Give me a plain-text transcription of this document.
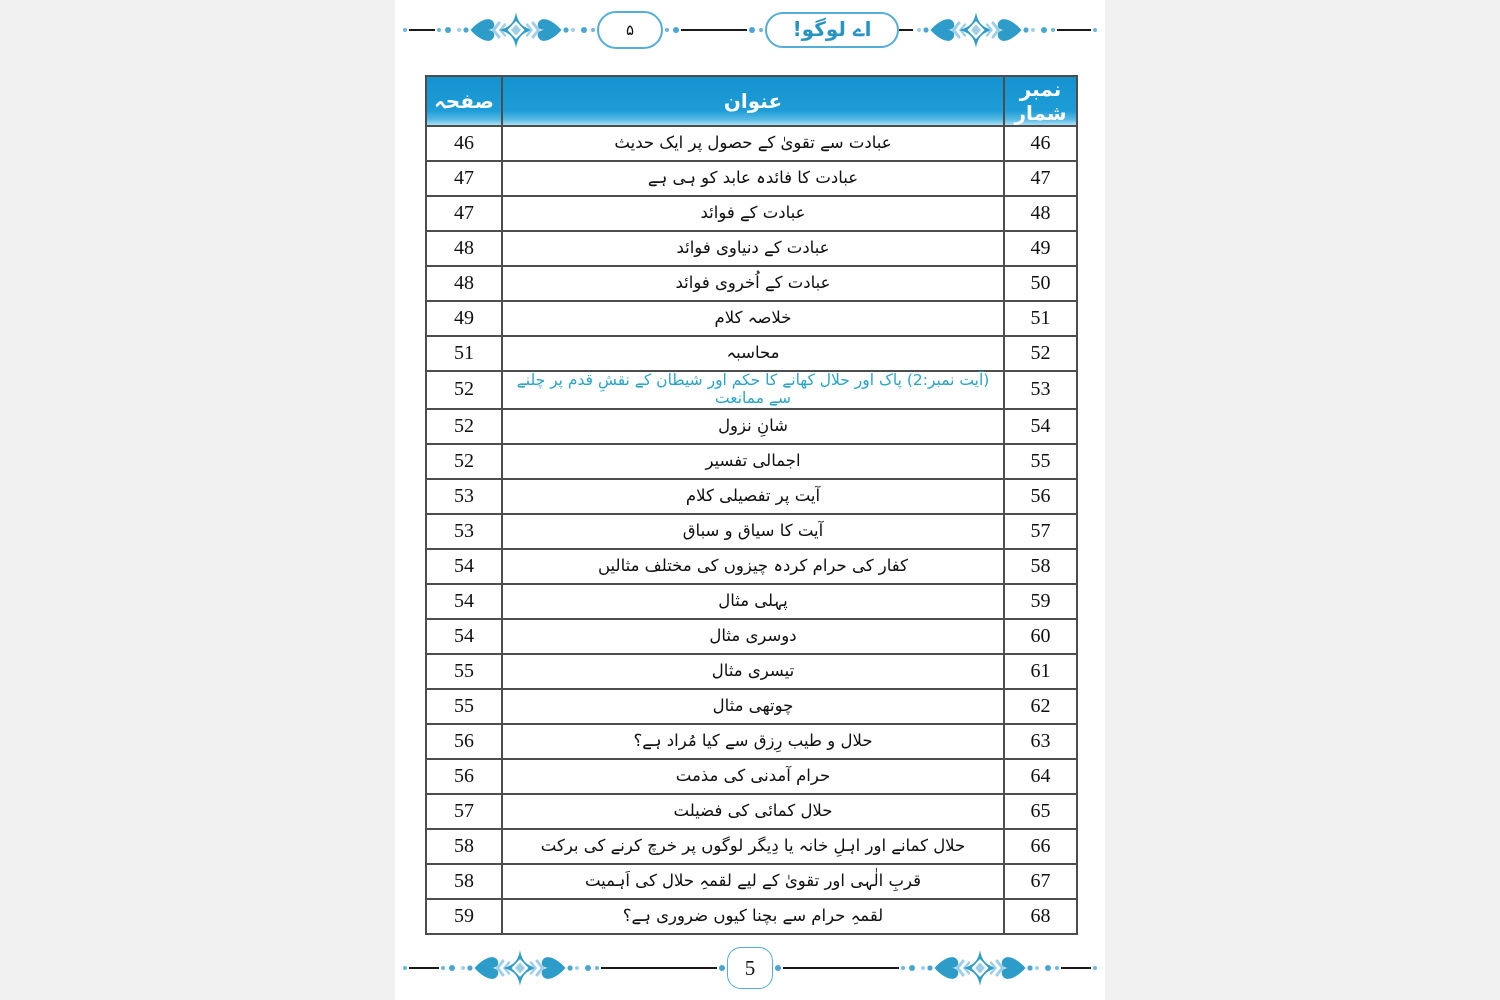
۵	اے لوگو!
نمبر شمار	عنوان	صفحہ
46	عبادت سے تقویٰ کے حصول پر ایک حدیث	46
47	عبادت کا فائدہ عابد کو ہی ہے	47
48	عبادت کے فوائد	47
49	عبادت کے دنیاوی فوائد	48
50	عبادت کے اُخروی فوائد	48
51	خلاصہ کلام	49
52	محاسبہ	51
53	(آیت نمبر:2) پاک اور حلال کھانے کا حکم اور شیطان کے نقشِ قدم پر چلنے سے ممانعت	52
54	شانِ نزول	52
55	اجمالی تفسیر	52
56	آیت پر تفصیلی کلام	53
57	آیت کا سیاق و سباق	53
58	کفار کی حرام کردہ چیزوں کی مختلف مثالیں	54
59	پہلی مثال	54
60	دوسری مثال	54
61	تیسری مثال	55
62	چوتھی مثال	55
63	حلال و طیب رِزق سے کیا مُراد ہے؟	56
64	حرام آمدنی کی مذمت	56
65	حلال کمائی کی فضیلت	57
66	حلال کمانے اور اہلِ خانہ یا دِیگر لوگوں پر خرچ کرنے کی برکت	58
67	قربِ الٰہی اور تقویٰ کے لیے لقمہِ حلال کی اَہمیت	58
68	لقمہِ حرام سے بچنا کیوں ضروری ہے؟	59
5
